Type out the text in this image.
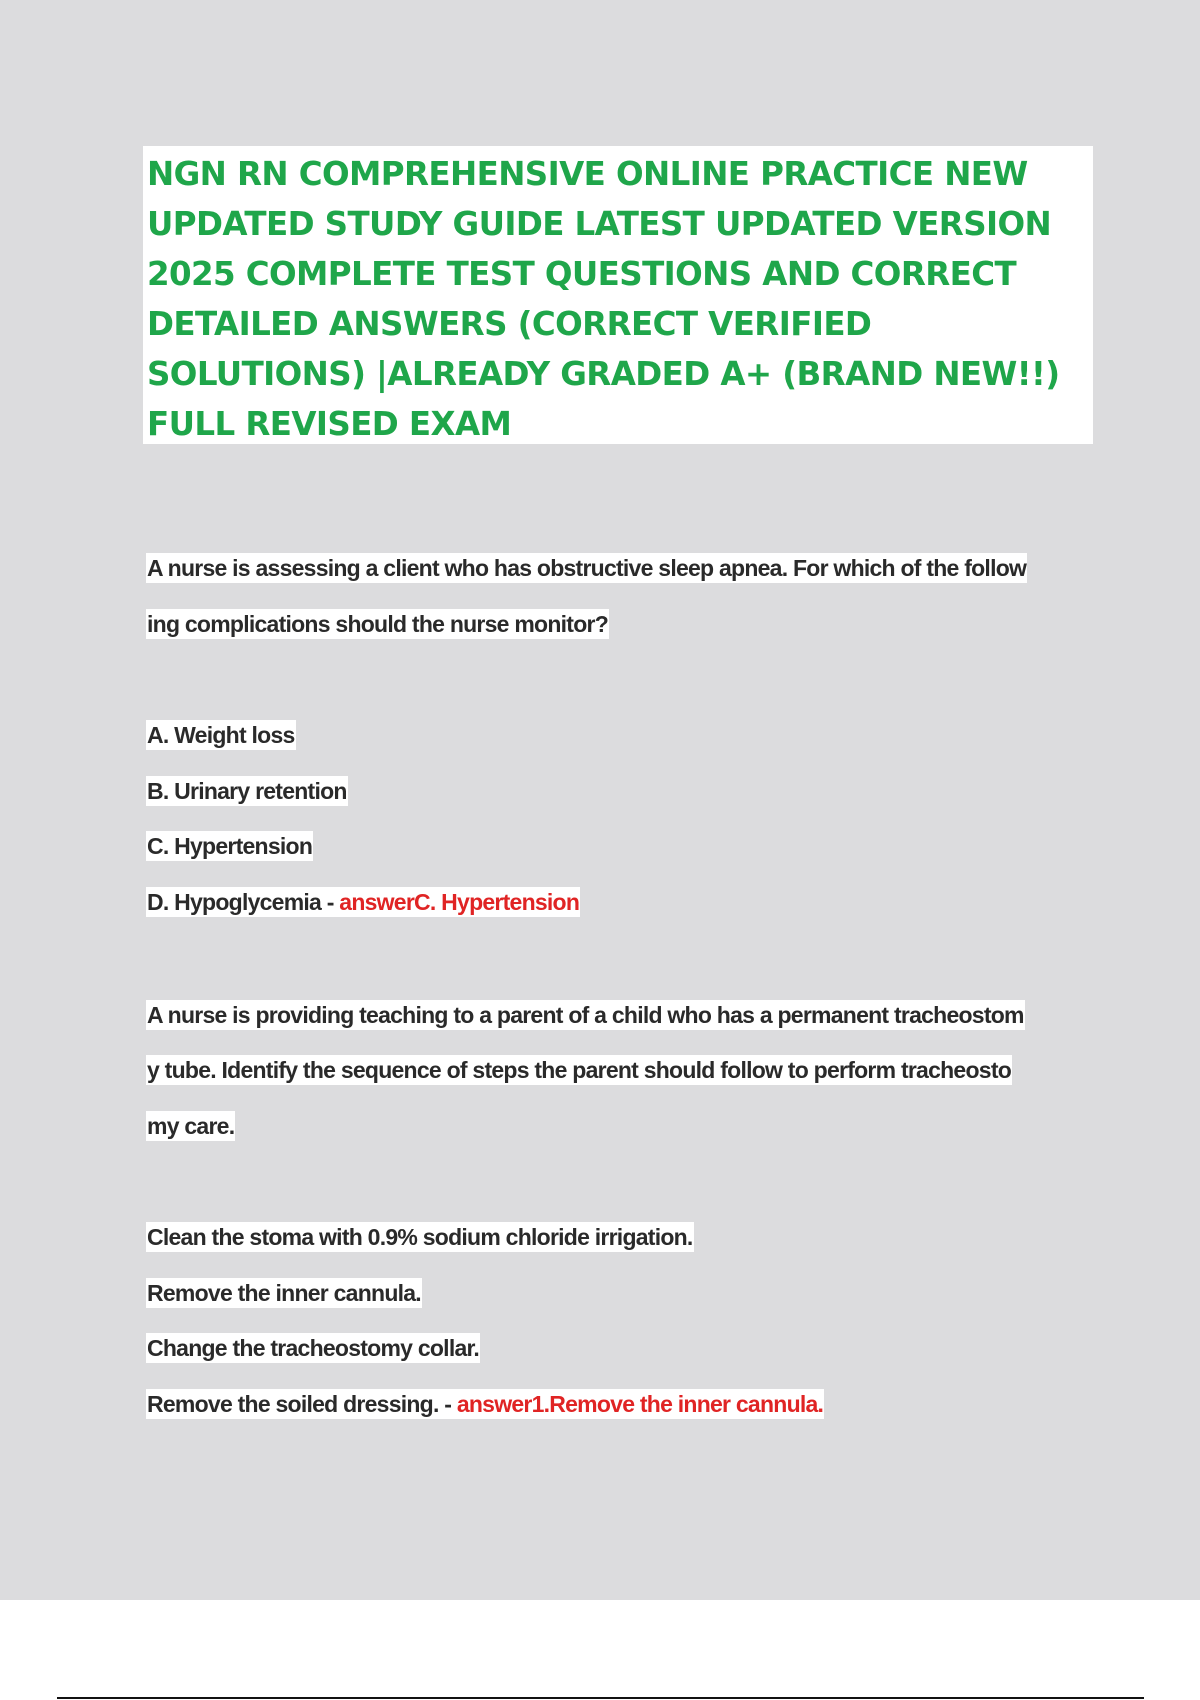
NGN RN COMPREHENSIVE ONLINE PRACTICE NEW
UPDATED STUDY GUIDE LATEST UPDATED VERSION
2025 COMPLETE TEST QUESTIONS AND CORRECT
DETAILED ANSWERS (CORRECT VERIFIED
SOLUTIONS) |ALREADY GRADED A+ (BRAND NEW!!)
FULL REVISED EXAM

A nurse is assessing a client who has obstructive sleep apnea. For which of the follow
ing complications should the nurse monitor?
A. Weight loss
B. Urinary retention
C. Hypertension
D. Hypoglycemia - answerC. Hypertension
A nurse is providing teaching to a parent of a child who has a permanent tracheostom
y tube. Identify the sequence of steps the parent should follow to perform tracheosto
my care.
Clean the stoma with 0.9% sodium chloride irrigation.
Remove the inner cannula.
Change the tracheostomy collar.
Remove the soiled dressing. - answer1.Remove the inner cannula.
